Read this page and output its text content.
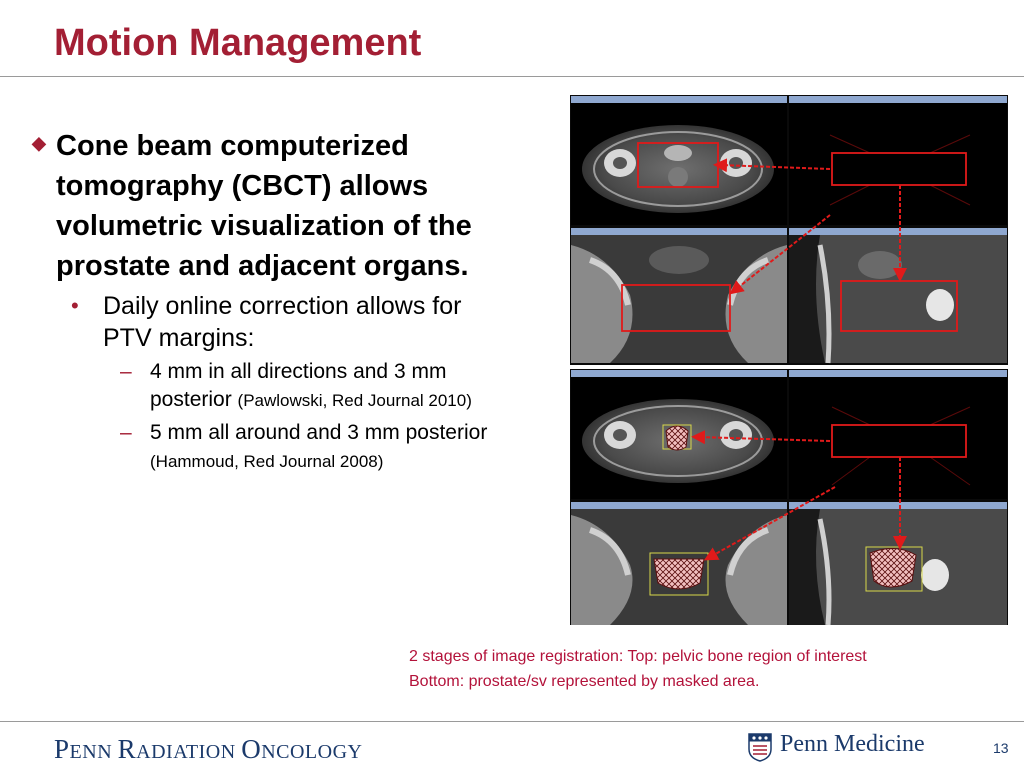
Motion Management
◆ Cone beam computerized tomography (CBCT) allows volumetric visualization of the prostate and adjacent organs.
• Daily online correction allows for PTV margins:
– 4 mm in all directions and 3 mm posterior (Pawlowski, Red Journal 2010)
– 5 mm all around and 3 mm posterior (Hammoud, Red Journal 2008)
2 stages of image registration: Top: pelvic bone region of interest
Bottom: prostate/sv represented by masked area.
PENN RADIATION ONCOLOGY	Penn Medicine	13
